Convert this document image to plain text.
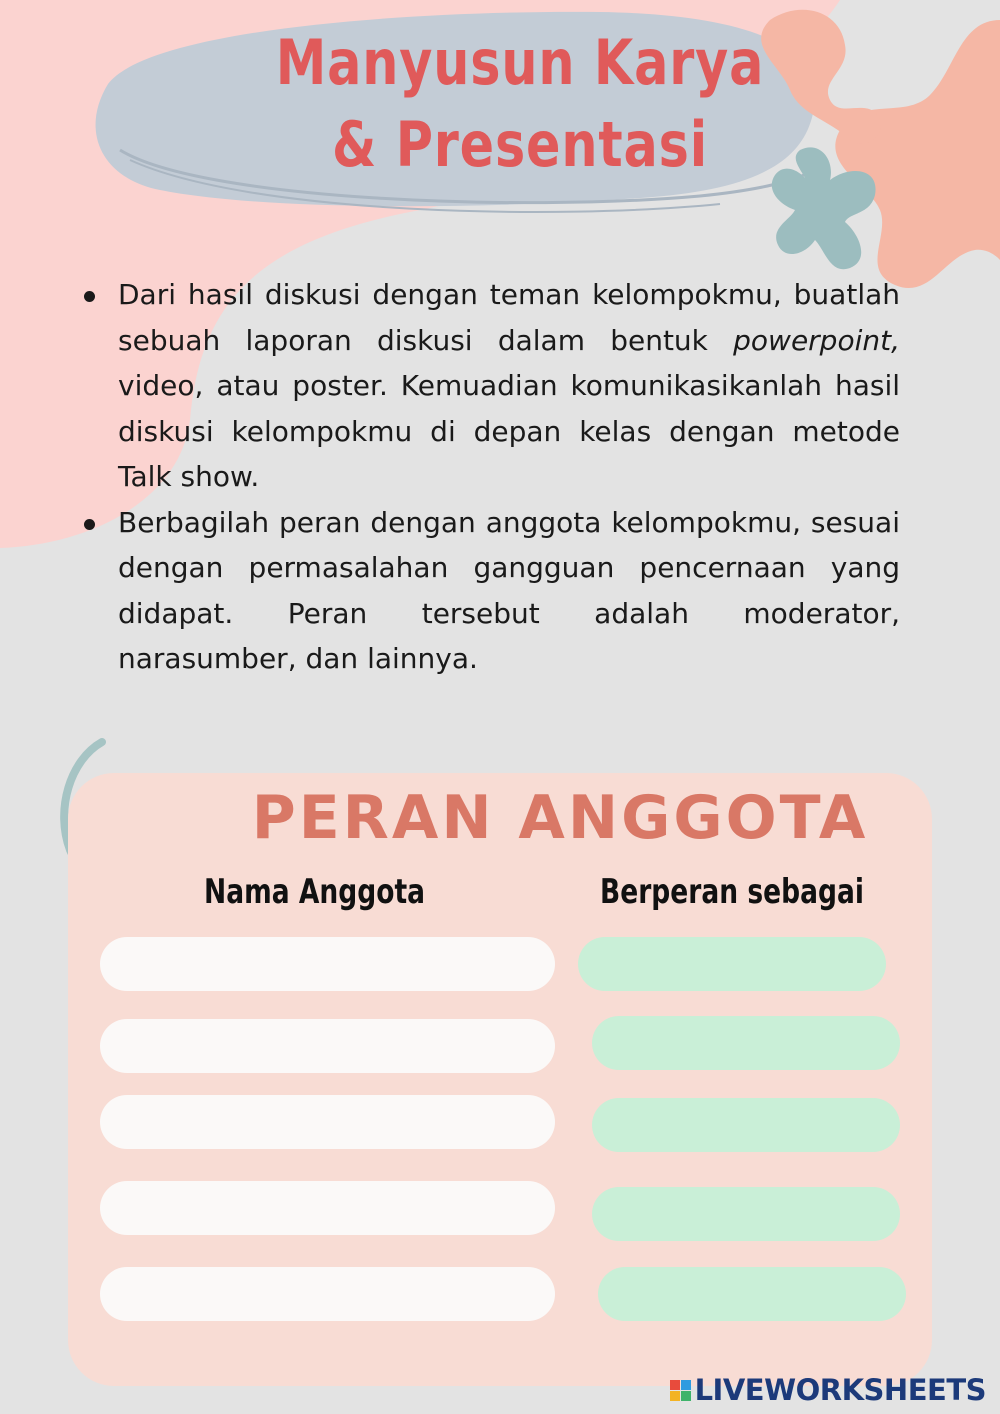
Manyusun Karya
& Presentasi
Dari hasil diskusi dengan teman kelompokmu, buatlah sebuah laporan diskusi dalam bentuk powerpoint, video, atau poster. Kemuadian komunikasikanlah hasil diskusi kelompokmu di depan kelas dengan metode Talk show.
Berbagilah peran dengan anggota kelompokmu, sesuai dengan permasalahan gangguan pencernaan yang didapat. Peran tersebut adalah moderator, narasumber, dan lainnya.
PERAN ANGGOTA
Nama Anggota	Berperan sebagai
LIVEWORKSHEETS
